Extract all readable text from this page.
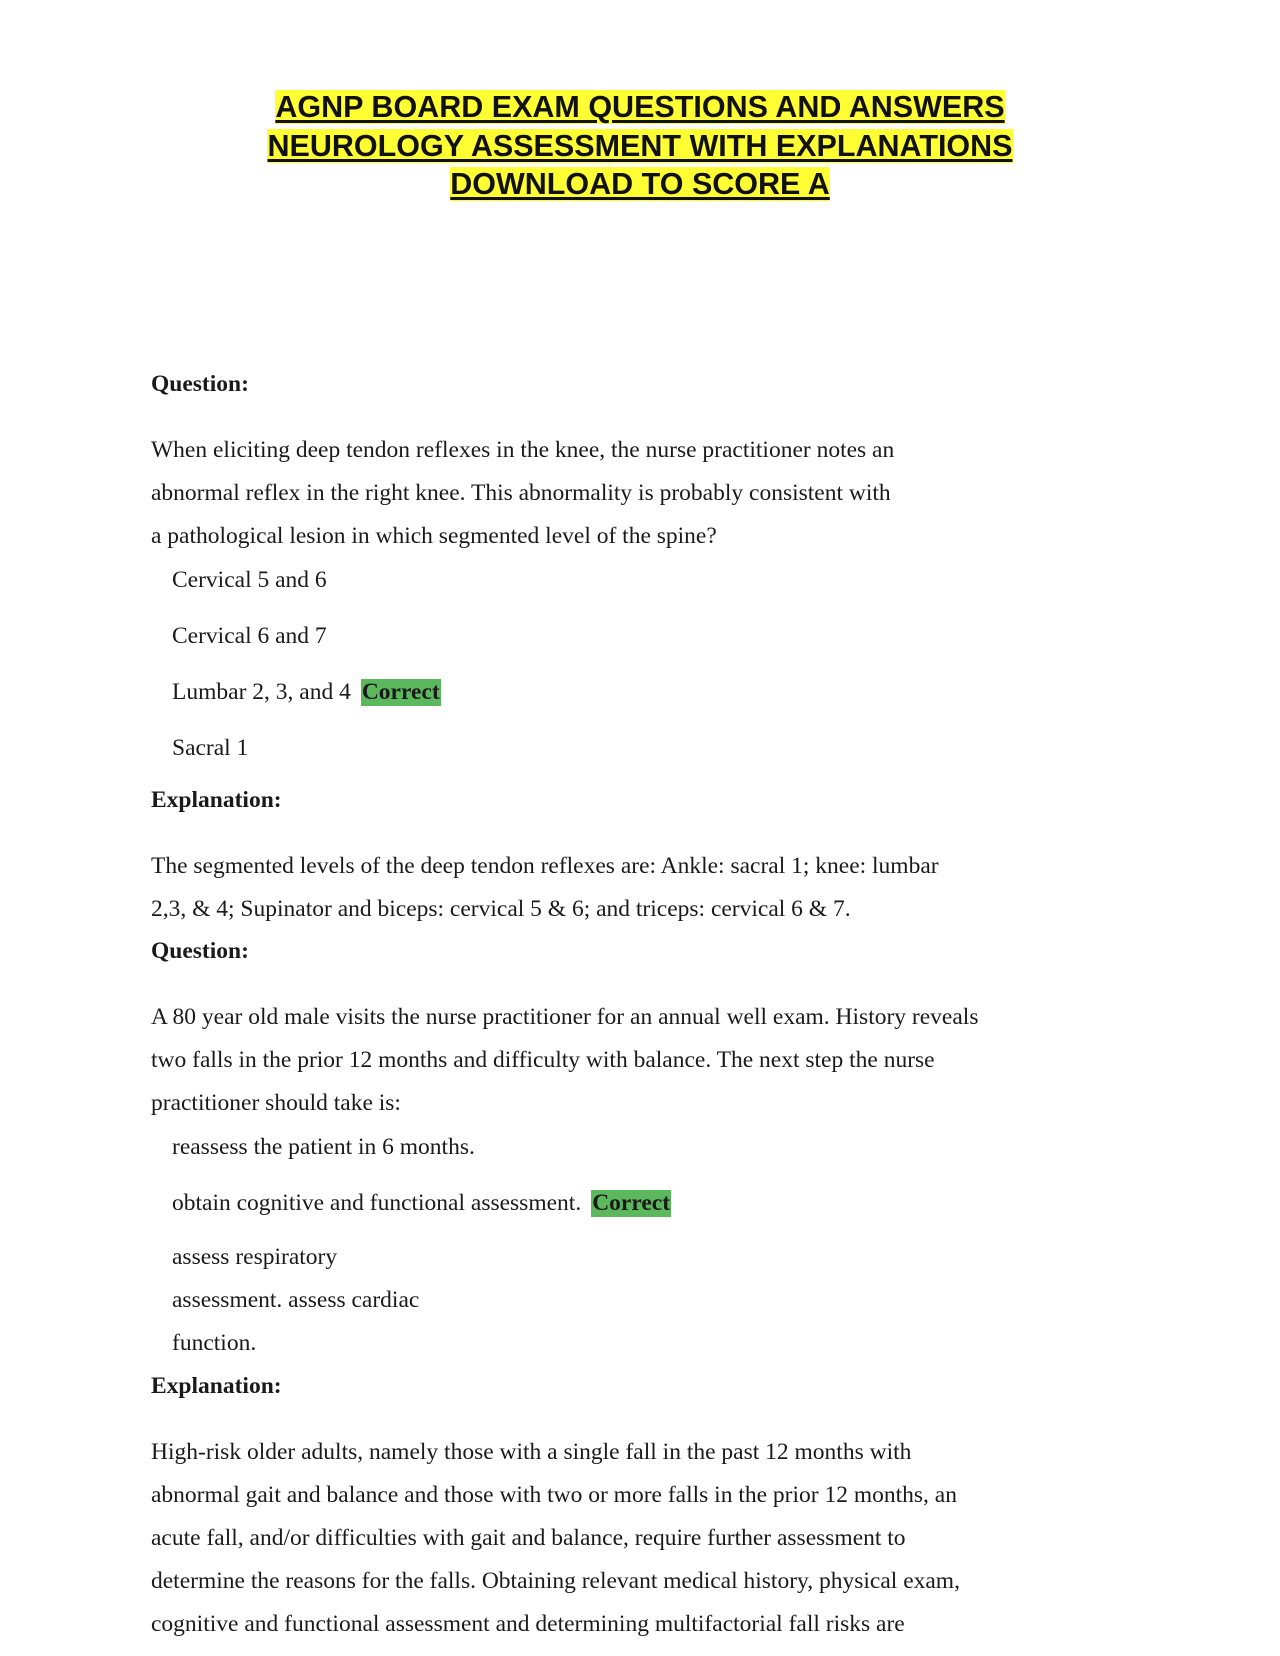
AGNP BOARD EXAM QUESTIONS AND ANSWERS
NEUROLOGY ASSESSMENT WITH EXPLANATIONS
DOWNLOAD TO SCORE A

Question:

When eliciting deep tendon reflexes in the knee, the nurse practitioner notes an

abnormal reflex in the right knee. This abnormality is probably consistent with

a pathological lesion in which segmented level of the spine?

Cervical 5 and 6
Cervical 6 and 7
Lumbar 2, 3, and 4 Correct
Sacral 1

Explanation:

The segmented levels of the deep tendon reflexes are: Ankle: sacral 1; knee: lumbar

2,3, & 4; Supinator and biceps: cervical 5 & 6; and triceps: cervical 6 & 7.

Question:

A 80 year old male visits the nurse practitioner for an annual well exam. History reveals

two falls in the prior 12 months and difficulty with balance. The next step the nurse

practitioner should take is:

reassess the patient in 6 months.
obtain cognitive and functional assessment. Correct
assess respiratory
assessment. assess cardiac
function.

Explanation:

High-risk older adults, namely those with a single fall in the past 12 months with

abnormal gait and balance and those with two or more falls in the prior 12 months, an

acute fall, and/or difficulties with gait and balance, require further assessment to

determine the reasons for the falls. Obtaining relevant medical history, physical exam,

cognitive and functional assessment and determining multifactorial fall risks are
